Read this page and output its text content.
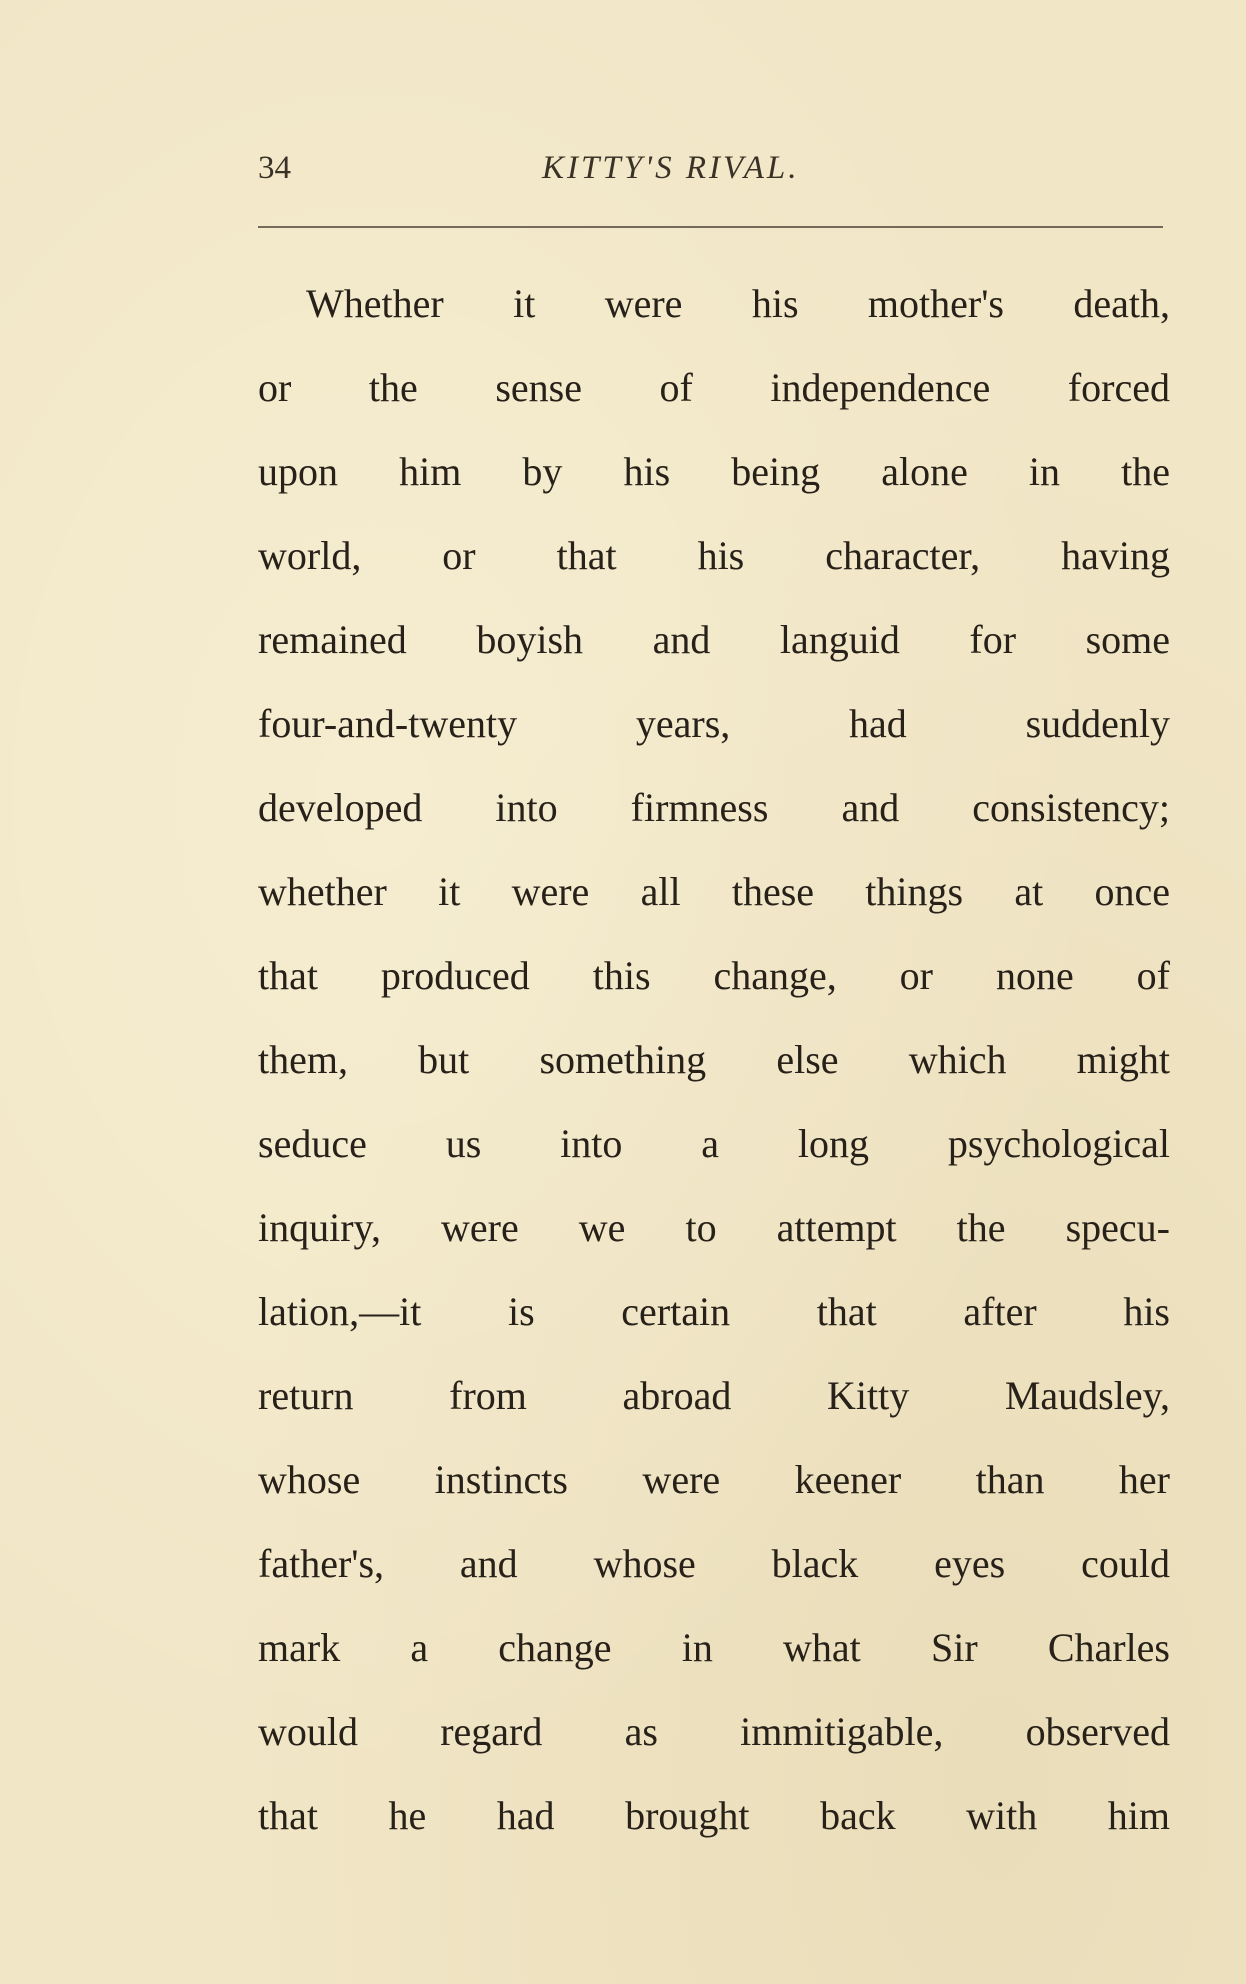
34	KITTY'S RIVAL.
Whether it were his mother's death,
or the sense of independence forced
upon him by his being alone in the
world, or that his character, having
remained boyish and languid for some
four-and-twenty years, had suddenly
developed into firmness and consistency;
whether it were all these things at once
that produced this change, or none of
them, but something else which might
seduce us into a long psychological
inquiry, were we to attempt the specu-
lation,—it is certain that after his
return from abroad Kitty Maudsley,
whose instincts were keener than her
father's, and whose black eyes could
mark a change in what Sir Charles
would regard as immitigable, observed
that he had brought back with him
